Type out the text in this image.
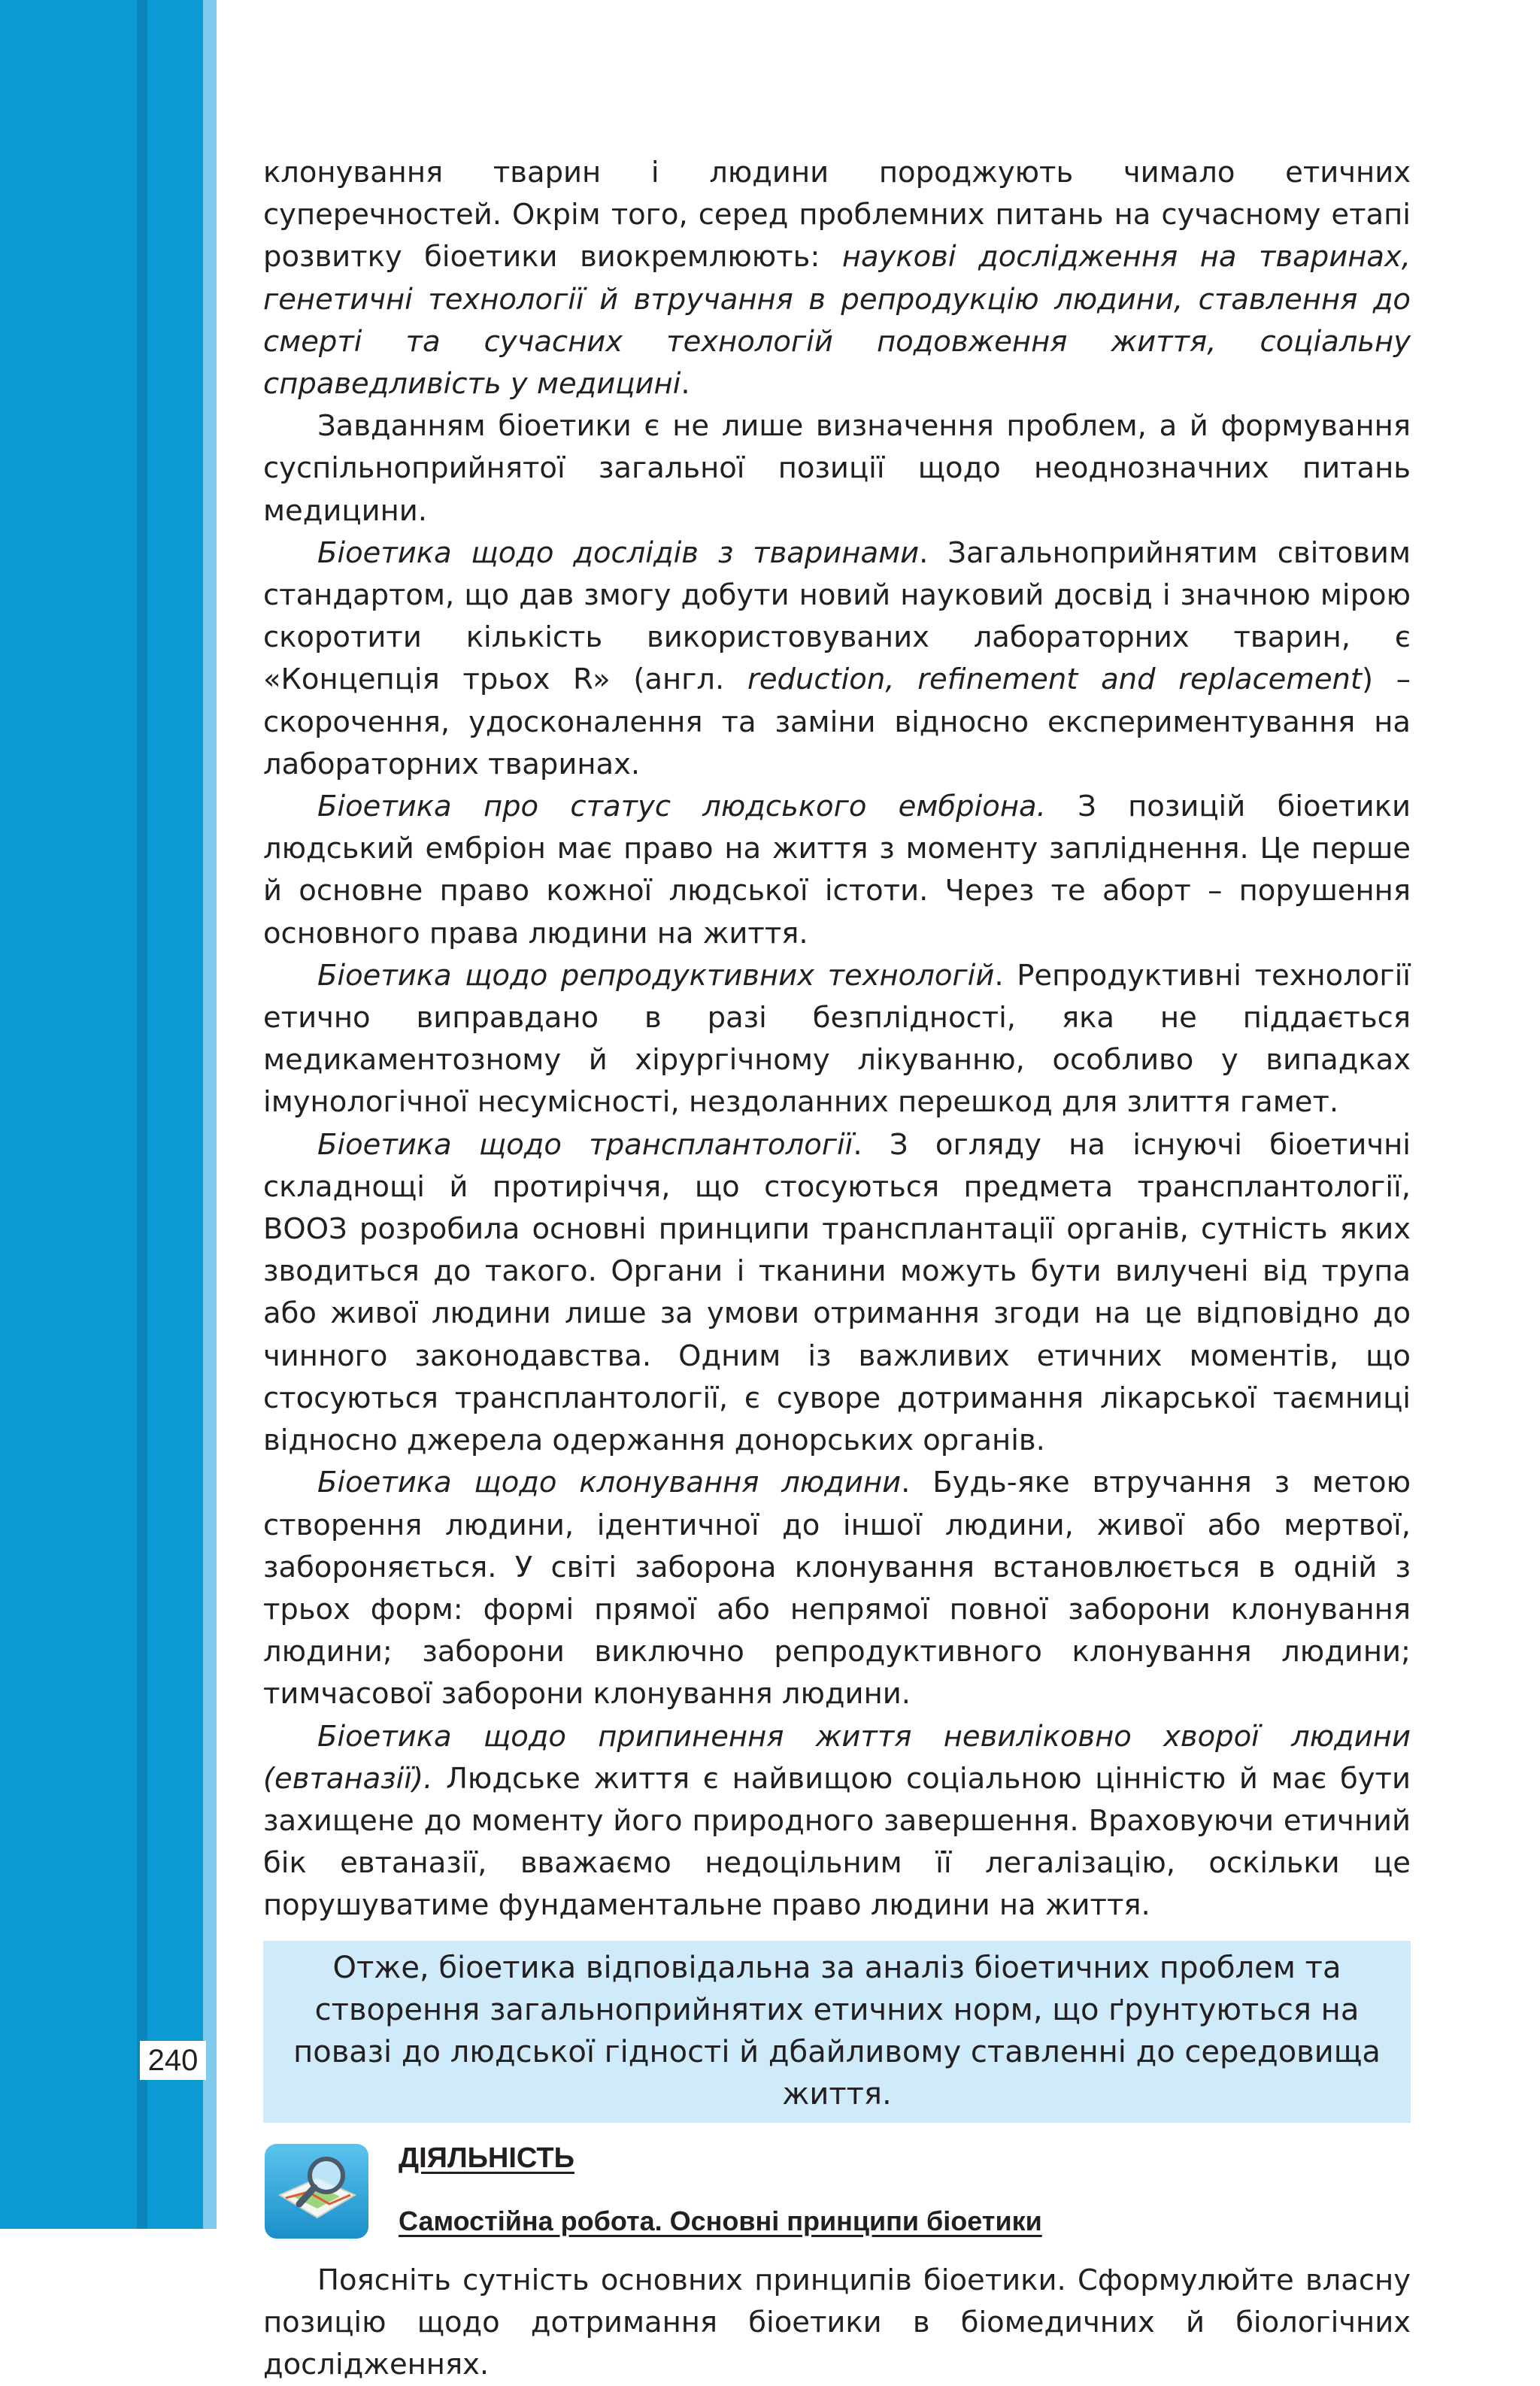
240

клонування тварин і людини породжують чимало етичних суперечностей. Окрім того, серед проблемних питань на сучасному етапі розвитку біоетики виокремлюють: наукові дослідження на тваринах, генетичні технології й втручання в репродукцію людини, ставлення до смерті та сучасних технологій подовження життя, соціальну справедливість у медицині.

Завданням біоетики є не лише визначення проблем, а й формування суспільноприйнятої загальної позиції щодо неоднозначних питань медицини.

Біоетика щодо дослідів з тваринами. Загальноприйнятим світовим стандартом, що дав змогу добути новий науковий досвід і значною мірою скоротити кількість використовуваних лабораторних тварин, є «Концепція трьох R» (англ. reduction, refinement and replacement) – скорочення, удосконалення та заміни відносно експериментування на лабораторних тваринах.

Біоетика про статус людського ембріона. З позицій біоетики людський ембріон має право на життя з моменту запліднення. Це перше й основне право кожної людської істоти. Через те аборт – порушення основного права людини на життя.

Біоетика щодо репродуктивних технологій. Репродуктивні технології етично виправдано в разі безплідності, яка не піддається медикаментозному й хірургічному лікуванню, особливо у випадках імунологічної несумісності, нездоланних перешкод для злиття гамет.

Біоетика щодо трансплантології. З огляду на існуючі біоетичні складнощі й протиріччя, що стосуються предмета трансплантології, ВООЗ розробила основні принципи трансплантації органів, сутність яких зводиться до такого. Органи і тканини можуть бути вилучені від трупа або живої людини лише за умови отримання згоди на це відповідно до чинного законодавства. Одним із важливих етичних моментів, що стосуються трансплантології, є суворе дотримання лікарської таємниці відносно джерела одержання донорських органів.

Біоетика щодо клонування людини. Будь-яке втручання з метою створення людини, ідентичної до іншої людини, живої або мертвої, забороняється. У світі заборона клонування встановлюється в одній з трьох форм: формі прямої або непрямої повної заборони клонування людини; заборони виключно репродуктивного клонування людини; тимчасової заборони клонування людини.

Біоетика щодо припинення життя невиліковно хворої людини (евтаназії). Людське життя є найвищою соціальною цінністю й має бути захищене до моменту його природного завершення. Враховуючи етичний бік евтаназії, вважаємо недоцільним її легалізацію, оскільки це порушуватиме фундаментальне право людини на життя.

Отже, біоетика відповідальна за аналіз біоетичних проблем та створення загальноприйнятих етичних норм, що ґрунтуються на повазі до людської гідності й дбайливому ставленні до середовища життя.
ДІЯЛЬНІСТЬ
Самостійна робота. Основні принципи біоетики

Поясніть сутність основних принципів біоетики. Сформулюйте власну позицію щодо дотримання біоетики в біомедичних й біологічних дослідженнях.
